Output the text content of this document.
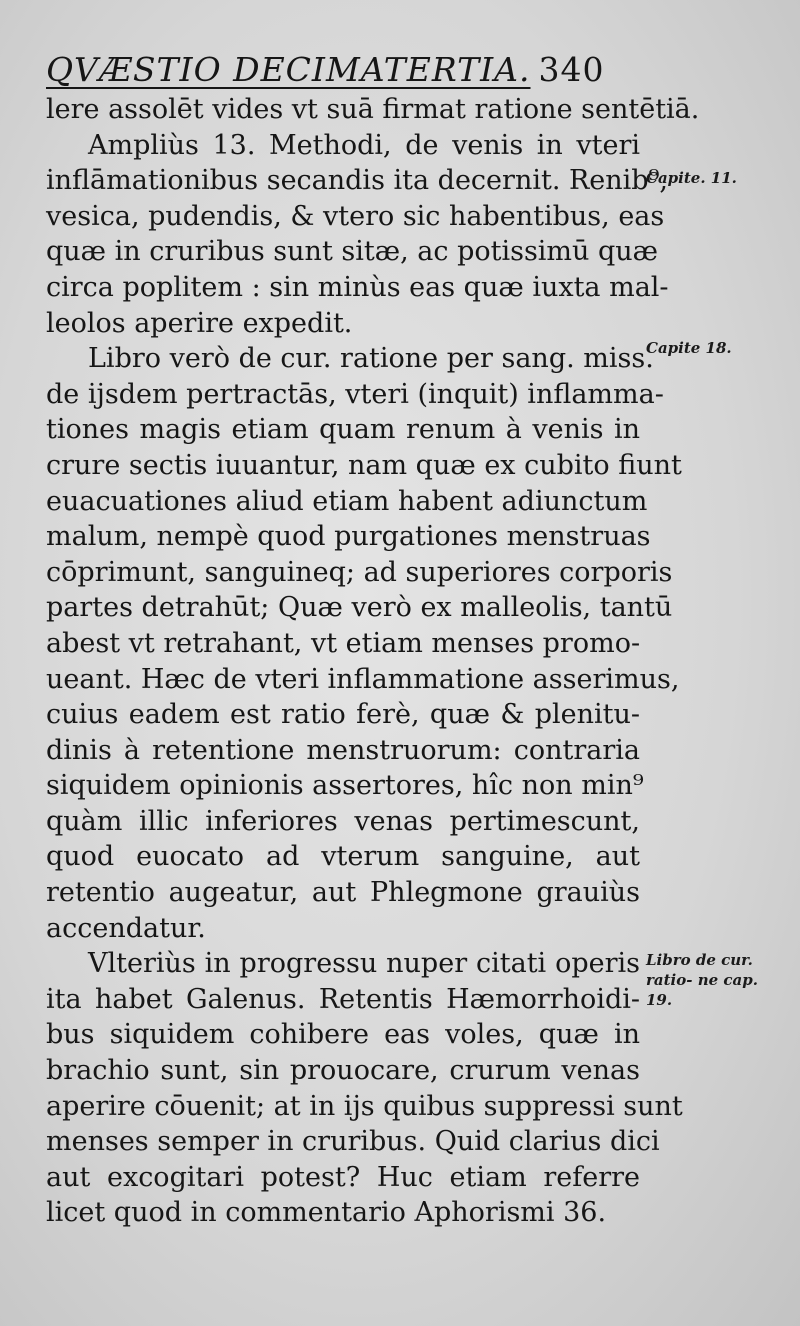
QVÆSTIO DECIMATERTIA. 340
lere assolēt vides vt suā firmat ratione sentētiā.
Ampliùs 13. Methodi, de venis in vteri
inflāmationibus secandis ita decernit. Renib⁹,
vesica, pudendis, & vtero sic habentibus, eas
quæ in cruribus sunt sitæ, ac potissimū quæ
circa poplitem : sin minùs eas quæ iuxta mal-
leolos aperire expedit.
Libro verò de cur. ratione per sang. miss.
de ijsdem pertractās, vteri (inquit) inflamma-
tiones magis etiam quam renum à venis in
crure sectis iuuantur, nam quæ ex cubito fiunt
euacuationes aliud etiam habent adiunctum
malum, nempè quod purgationes menstruas
cōprimunt, sanguineq; ad superiores corporis
partes detrahūt; Quæ verò ex malleolis, tantū
abest vt retrahant, vt etiam menses promo-
ueant. Hæc de vteri inflammatione asserimus,
cuius eadem est ratio ferè, quæ & plenitu-
dinis à retentione menstruorum: contraria
siquidem opinionis assertores, hîc non min⁹
quàm illic inferiores venas pertimescunt,
quod euocato ad vterum sanguine, aut
retentio augeatur, aut Phlegmone grauiùs
accendatur.
Vlteriùs in progressu nuper citati operis
ita habet Galenus. Retentis Hæmorrhoidi-
bus siquidem cohibere eas voles, quæ in
brachio sunt, sin prouocare, crurum venas
aperire cōuenit; at in ijs quibus suppressi sunt
menses semper in cruribus. Quid clarius dici
aut excogitari potest? Huc etiam referre
licet quod in commentario Aphorismi 36.
Capite. 11.
Capite 18.
Libro de cur. ratio- ne cap. 19.
